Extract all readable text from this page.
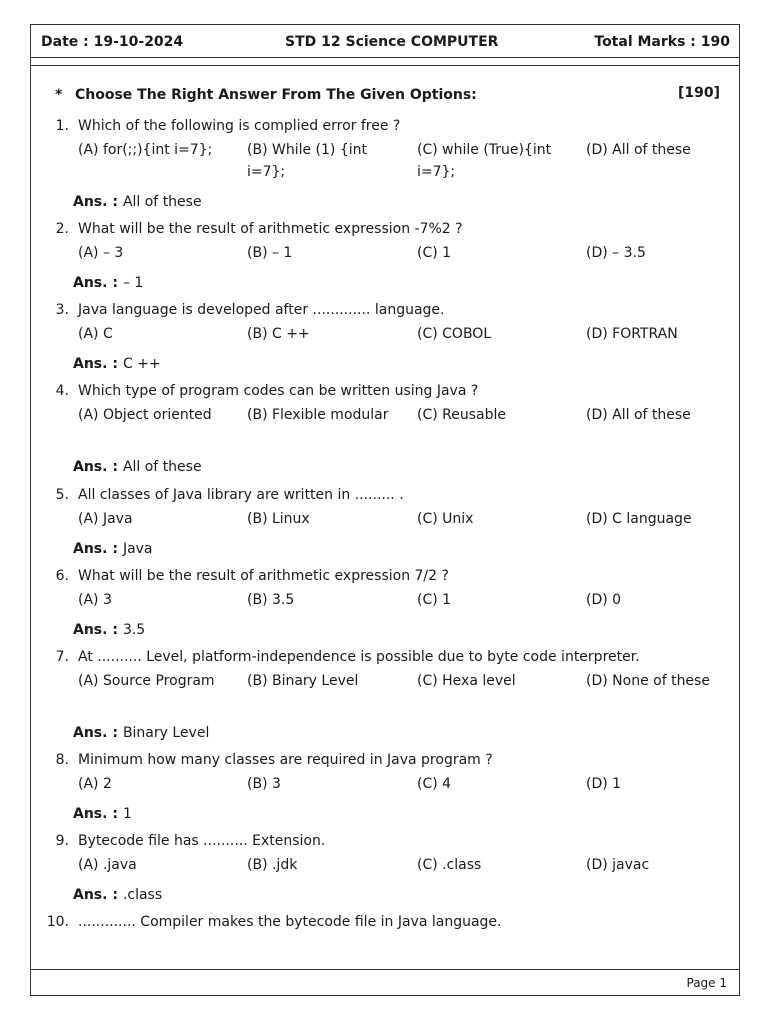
Date : 19-10-2024	STD 12 Science COMPUTER	Total Marks : 190
* Choose The Right Answer From The Given Options:	[190]
1. Which of the following is complied error free ?
(A) for(;;){int i=7};	(B) While (1) {int i=7};
(C) while (True){int i=7};
(D) All of these
Ans. : All of these
2. What will be the result of arithmetic expression -7%2 ?
(A) – 3	(B) – 1	(C) 1	(D) – 3.5
Ans. : – 1
3. Java language is developed after ............. language.
(A) C	(B) C ++	(C) COBOL	(D) FORTRAN
Ans. : C ++
4. Which type of program codes can be written using Java ?
(A) Object oriented	(B) Flexible modular	(C) Reusable	(D) All of these
Ans. : All of these
5. All classes of Java library are written in ......... .
(A) Java	(B) Linux	(C) Unix	(D) C language
Ans. : Java
6. What will be the result of arithmetic expression 7/2 ?
(A) 3	(B) 3.5	(C) 1	(D) 0
Ans. : 3.5
7. At .......... Level, platform-independence is possible due to byte code interpreter.
(A) Source Program	(B) Binary Level	(C) Hexa level	(D) None of these
Ans. : Binary Level
8. Minimum how many classes are required in Java program ?
(A) 2	(B) 3	(C) 4	(D) 1
Ans. : 1
9. Bytecode file has .......... Extension.
(A) .java	(B) .jdk	(C) .class	(D) javac
Ans. : .class
10. ............. Compiler makes the bytecode file in Java language.
Page 1
